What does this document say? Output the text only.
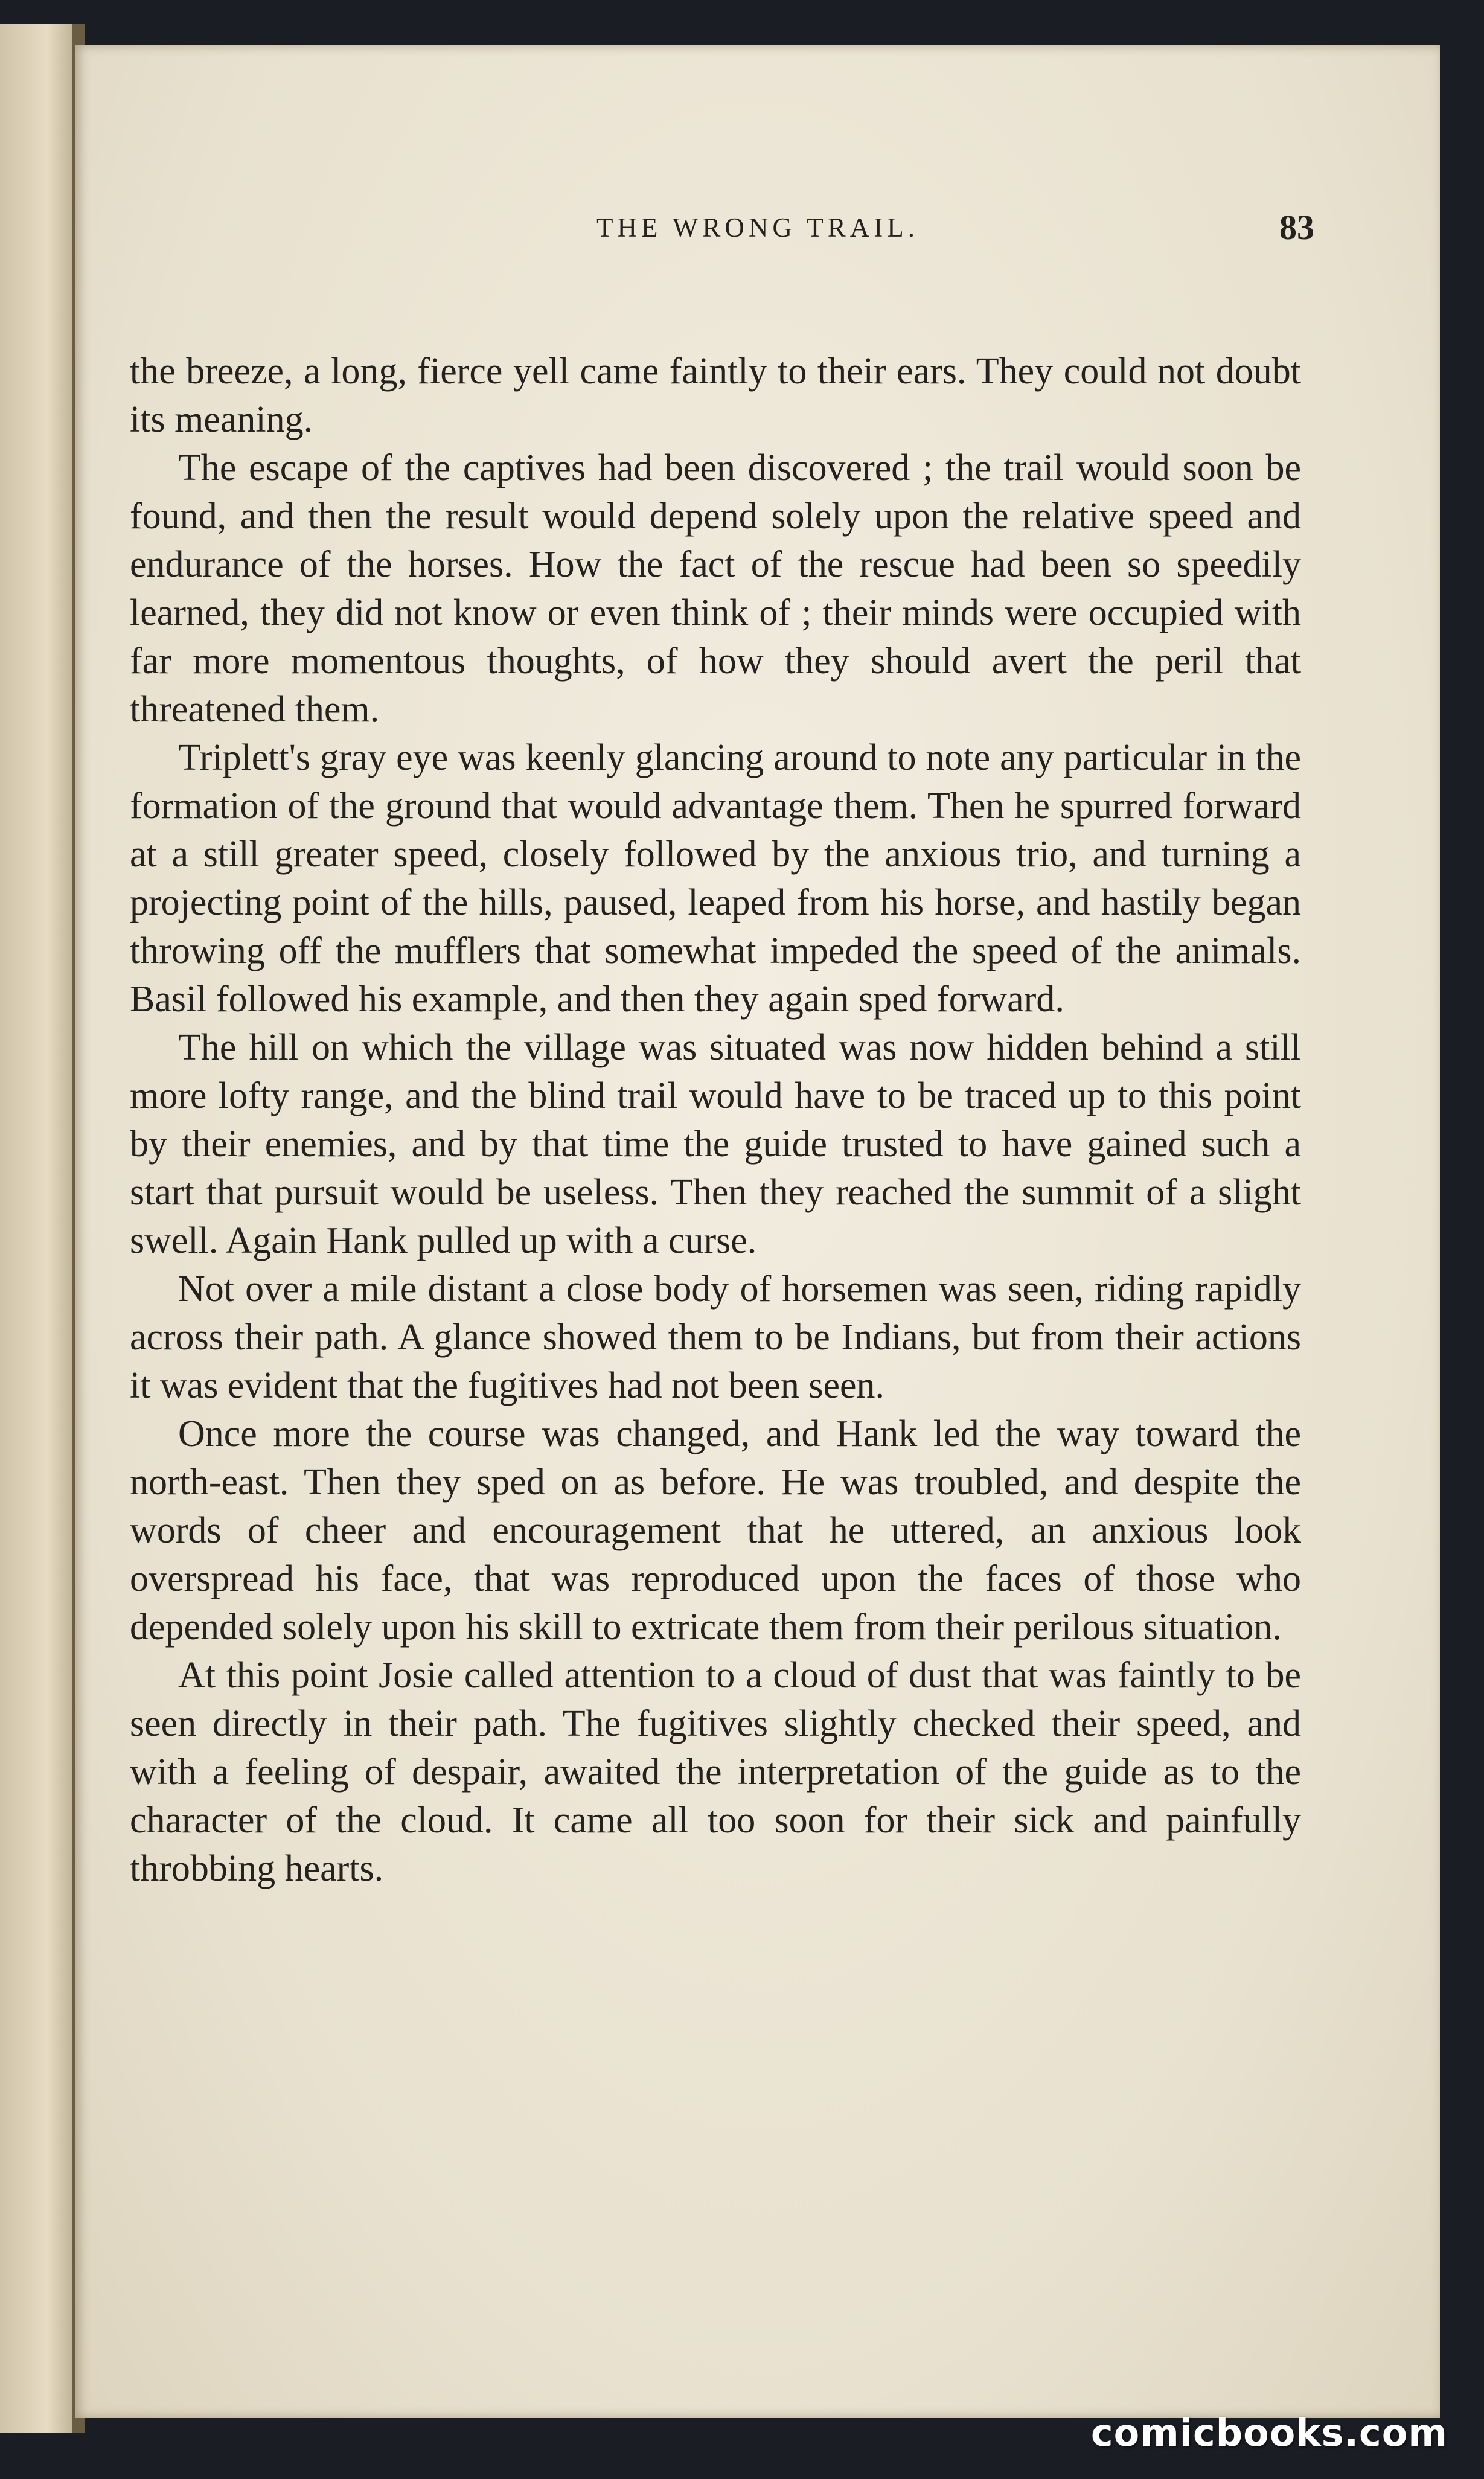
THE WRONG TRAIL.	83

the breeze, a long, fierce yell came faintly to their ears. They could not doubt its meaning.

The escape of the captives had been discovered ; the trail would soon be found, and then the result would depend solely upon the relative speed and endurance of the horses. How the fact of the rescue had been so speedily learned, they did not know or even think of ; their minds were occupied with far more momentous thoughts, of how they should avert the peril that threatened them.

Triplett's gray eye was keenly glancing around to note any particular in the formation of the ground that would advantage them. Then he spurred forward at a still greater speed, closely followed by the anxious trio, and turning a projecting point of the hills, paused, leaped from his horse, and hastily began throwing off the mufflers that somewhat impeded the speed of the animals. Basil followed his example, and then they again sped forward.

The hill on which the village was situated was now hidden behind a still more lofty range, and the blind trail would have to be traced up to this point by their enemies, and by that time the guide trusted to have gained such a start that pursuit would be useless. Then they reached the summit of a slight swell. Again Hank pulled up with a curse.

Not over a mile distant a close body of horsemen was seen, riding rapidly across their path. A glance showed them to be Indians, but from their actions it was evident that the fugitives had not been seen.

Once more the course was changed, and Hank led the way toward the north-east. Then they sped on as before. He was troubled, and despite the words of cheer and encouragement that he uttered, an anxious look overspread his face, that was reproduced upon the faces of those who depended solely upon his skill to extricate them from their perilous situation.

At this point Josie called attention to a cloud of dust that was faintly to be seen directly in their path. The fugitives slightly checked their speed, and with a feeling of despair, awaited the interpretation of the guide as to the character of the cloud. It came all too soon for their sick and painfully throbbing hearts.

comicbooks.com
